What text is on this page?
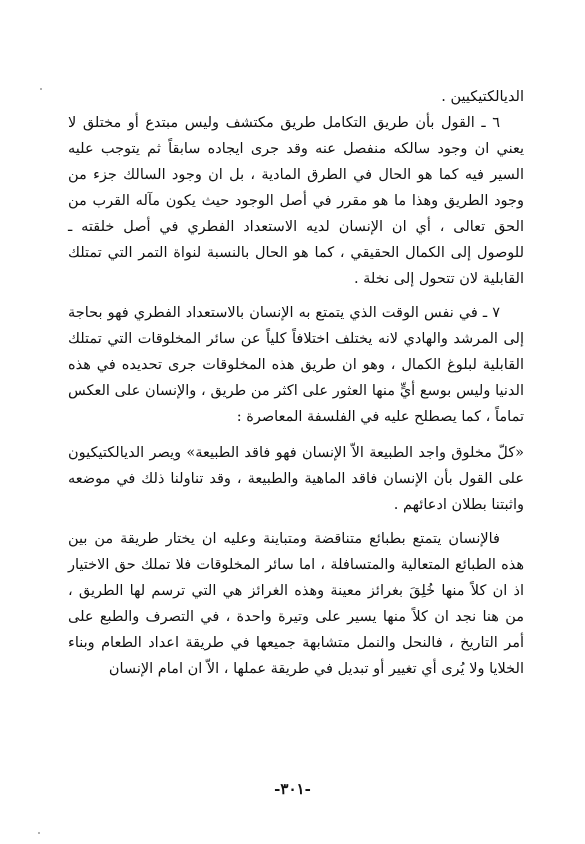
الديالكتيكيين .

٦ ـ القول بأن طريق التكامل طريق مكتشف وليس مبتدع أو مختلق لا يعني ان وجود سالكه منفصل عنه وقد جرى ايجاده سابقاً ثم يتوجب عليه السير فيه كما هو الحال في الطرق المادية ، بل ان وجود السالك جزء من وجود الطريق وهذا ما هو مقرر في أصل الوجود حيث يكون مآله القرب من الحق تعالى ، أي ان الإنسان لديه الاستعداد الفطري في أصل خلقته ـ للوصول إلى الكمال الحقيقي ، كما هو الحال بالنسبة لنواة التمر التي تمتلك القابلية لان تتحول إلى نخلة .

٧ ـ في نفس الوقت الذي يتمتع به الإنسان بالاستعداد الفطري فهو بحاجة إلى المرشد والهادي لانه يختلف اختلافاً كلياً عن سائر المخلوقات التي تمتلك القابلية لبلوغ الكمال ، وهو ان طريق هذه المخلوقات جرى تحديده في هذه الدنيا وليس بوسع أيٍّ منها العثور على اكثر من طريق ، والإنسان على العكس تماماً ، كما يصطلح عليه في الفلسفة المعاصرة :

«كلّ مخلوق واجد الطبيعة الاّ الإنسان فهو فاقد الطبيعة» ويصر الديالكتيكيون على القول بأن الإنسان فاقد الماهية والطبيعة ، وقد تناولنا ذلك في موضعه واثبتنا بطلان ادعائهم .

فالإنسان يتمتع بطبائع متناقضة ومتباينة وعليه ان يختار طريقة من بين هذه الطبائع المتعالية والمتسافلة ، اما سائر المخلوقات فلا تملك حق الاختيار اذ ان كلاً منها خُلِقَ بغرائز معينة وهذه الغرائز هي التي ترسم لها الطريق ، من هنا نجد ان كلاً منها يسير على وتيرة واحدة ، في التصرف والطبع على أمر التاريخ ، فالنحل والنمل متشابهة جميعها في طريقة اعداد الطعام وبناء الخلايا ولا يُرى أي تغيير أو تبديل في طريقة عملها ، الاّ ان امام الإنسان

-٣٠١-
